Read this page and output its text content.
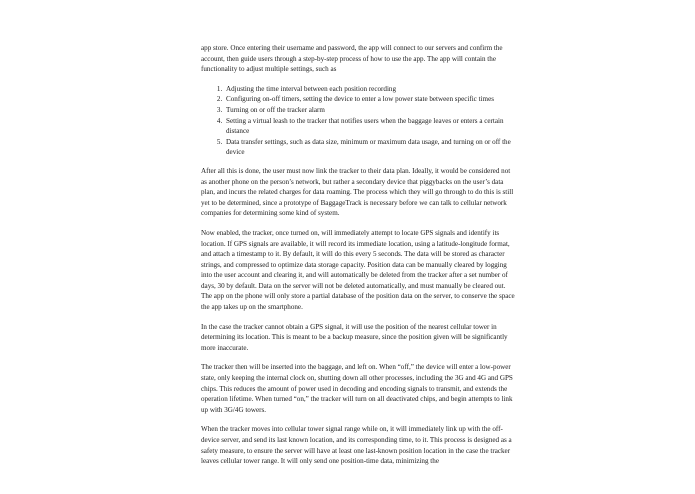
app store. Once entering their username and password, the app will connect to our servers and confirm the account, then guide users through a step-by-step process of how to use the app. The app will contain the functionality to adjust multiple settings, such as

1. Adjusting the time interval between each position recording
2. Configuring on-off timers, setting the device to enter a low power state between specific times
3. Turning on or off the tracker alarm
4. Setting a virtual leash to the tracker that notifies users when the baggage leaves or enters a certain distance
5. Data transfer settings, such as data size, minimum or maximum data usage, and turning on or off the device

After all this is done, the user must now link the tracker to their data plan. Ideally, it would be considered not as another phone on the person’s network, but rather a secondary device that piggybacks on the user’s data plan, and incurs the related charges for data roaming. The process which they will go through to do this is still yet to be determined, since a prototype of BaggageTrack is necessary before we can talk to cellular network companies for determining some kind of system.

Now enabled, the tracker, once turned on, will immediately attempt to locate GPS signals and identify its location. If GPS signals are available, it will record its immediate location, using a latitude-longitude format, and attach a timestamp to it. By default, it will do this every 5 seconds. The data will be stored as character strings, and compressed to optimize data storage capacity. Position data can be manually cleared by logging into the user account and clearing it, and will automatically be deleted from the tracker after a set number of days, 30 by default. Data on the server will not be deleted automatically, and must manually be cleared out. The app on the phone will only store a partial database of the position data on the server, to conserve the space the app takes up on the smartphone.

In the case the tracker cannot obtain a GPS signal, it will use the position of the nearest cellular tower in determining its location. This is meant to be a backup measure, since the position given will be significantly more inaccurate.

The tracker then will be inserted into the baggage, and left on. When “off,” the device will enter a low-power state, only keeping the internal clock on, shutting down all other processes, including the 3G and 4G and GPS chips. This reduces the amount of power used in decoding and encoding signals to transmit, and extends the operation lifetime. When turned “on,” the tracker will turn on all deactivated chips, and begin attempts to link up with 3G/4G towers.

When the tracker moves into cellular tower signal range while on, it will immediately link up with the off-device server, and send its last known location, and its corresponding time, to it. This process is designed as a safety measure, to ensure the server will have at least one last-known position location in the case the tracker leaves cellular tower range. It will only send one position-time data, minimizing the
